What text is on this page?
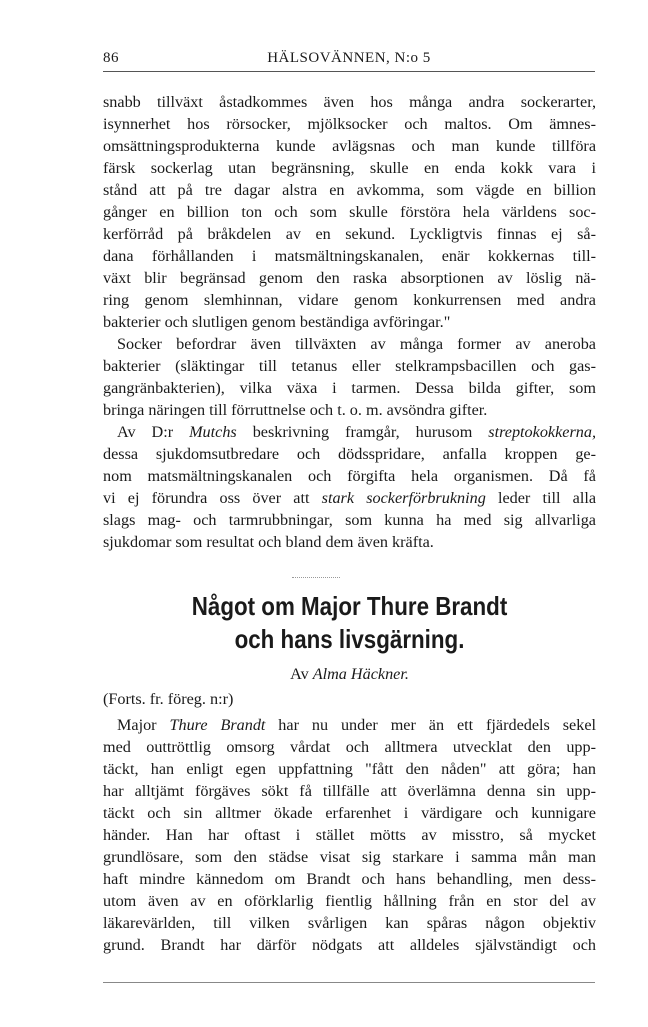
86	HÄLSOVÄNNEN, N:o 5
snabb tillväxt åstadkommes även hos många andra sockerarter,
isynnerhet hos rörsocker, mjölksocker och maltos. Om ämnes-
omsättningsprodukterna kunde avlägsnas och man kunde tillföra
färsk sockerlag utan begränsning, skulle en enda kokk vara i
stånd att på tre dagar alstra en avkomma, som vägde en billion
gånger en billion ton och som skulle förstöra hela världens soc-
kerförråd på bråkdelen av en sekund. Lyckligtvis finnas ej så-
dana förhållanden i matsmältningskanalen, enär kokkernas till-
växt blir begränsad genom den raska absorptionen av löslig nä-
ring genom slemhinnan, vidare genom konkurrensen med andra
bakterier och slutligen genom beständiga avföringar."
Socker befordrar även tillväxten av många former av aneroba
bakterier (släktingar till tetanus eller stelkrampsbacillen och gas-
gangränbakterien), vilka växa i tarmen. Dessa bilda gifter, som
bringa näringen till förruttnelse och t. o. m. avsöndra gifter.
Av D:r Mutchs beskrivning framgår, hurusom streptokokkerna,
dessa sjukdomsutbredare och dödsspridare, anfalla kroppen ge-
nom matsmältningskanalen och förgifta hela organismen. Då få
vi ej förundra oss över att stark sockerförbrukning leder till alla
slags mag- och tarmrubbningar, som kunna ha med sig allvarliga
sjukdomar som resultat och bland dem även kräfta.
Något om Major Thure Brandt
och hans livsgärning.
Av Alma Häckner.
(Forts. fr. föreg. n:r)
Major Thure Brandt har nu under mer än ett fjärdedels sekel
med outtröttlig omsorg vårdat och alltmera utvecklat den upp-
täckt, han enligt egen uppfattning "fått den nåden" att göra; han
har alltjämt förgäves sökt få tillfälle att överlämna denna sin upp-
täckt och sin alltmer ökade erfarenhet i värdigare och kunnigare
händer. Han har oftast i stället mötts av misstro, så mycket
grundlösare, som den städse visat sig starkare i samma mån man
haft mindre kännedom om Brandt och hans behandling, men dess-
utom även av en oförklarlig fientlig hållning från en stor del av
läkarevärlden, till vilken svårligen kan spåras någon objektiv
grund. Brandt har därför nödgats att alldeles självständigt och
